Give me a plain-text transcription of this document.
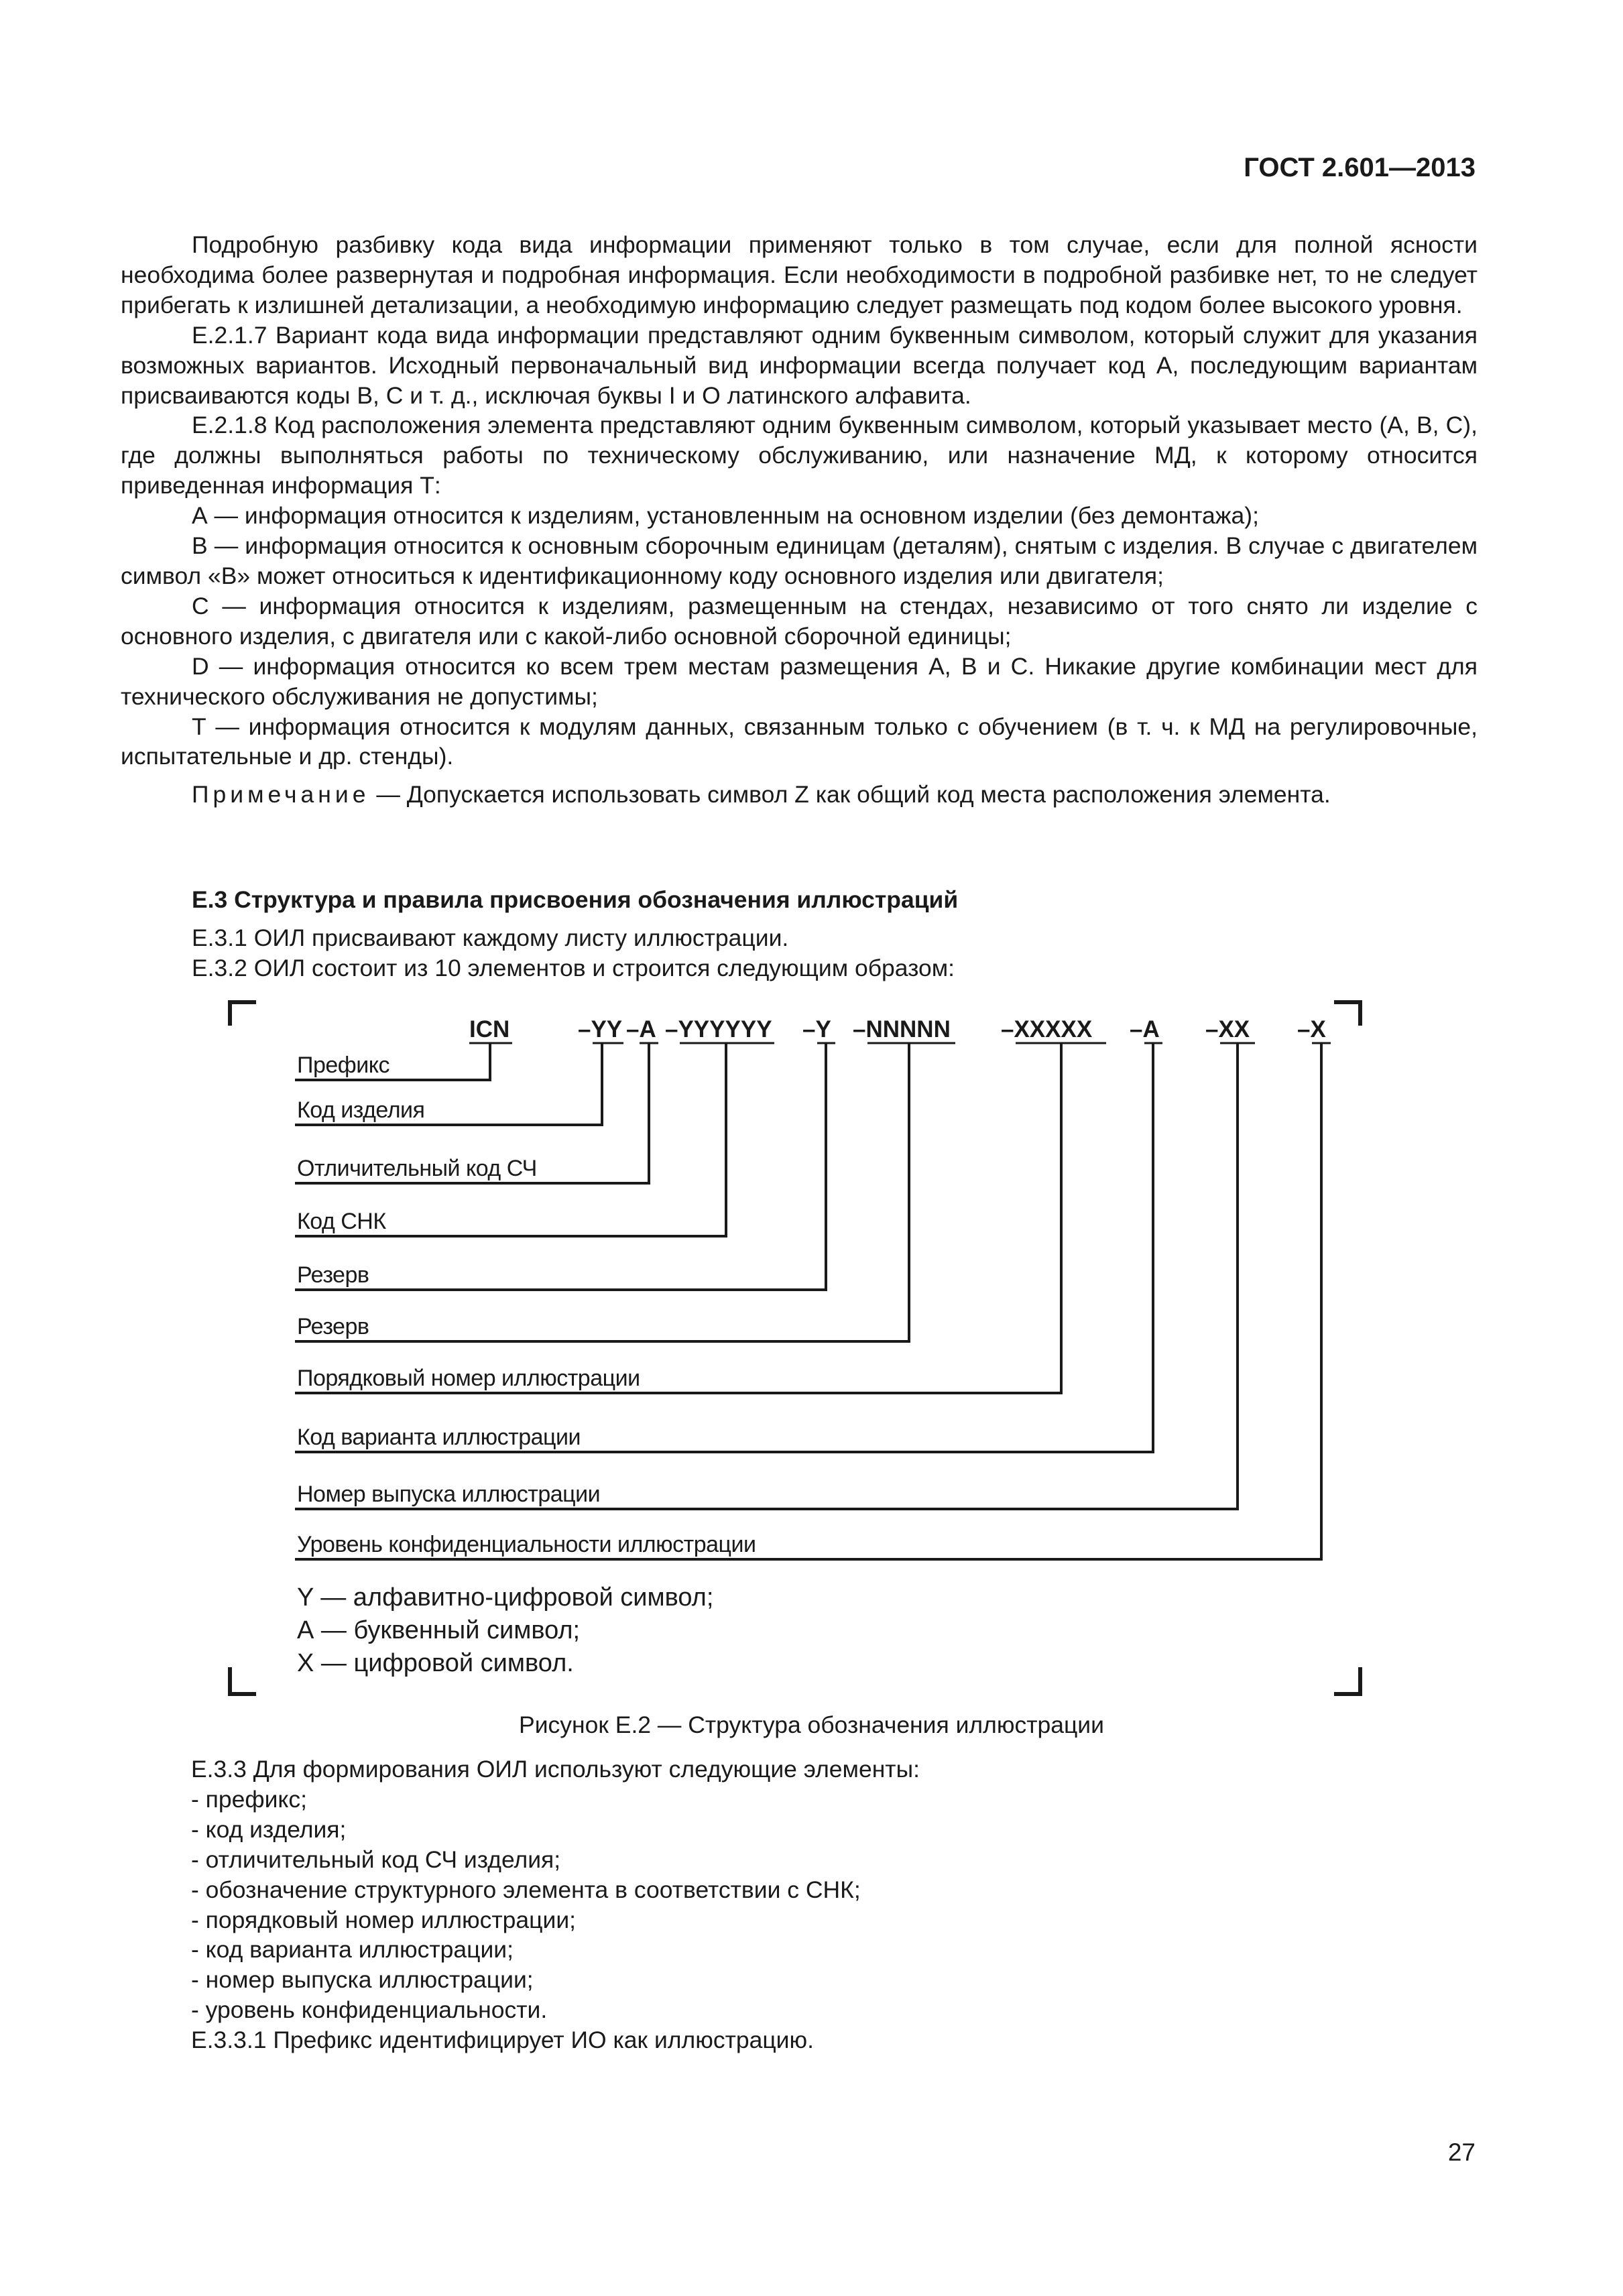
ГОСТ 2.601—2013

Подробную разбивку кода вида информации применяют только в том случае, если для полной ясности необходима более развернутая и подробная информация. Если необходимости в подробной разбивке нет, то не следует прибегать к излишней детализации, а необходимую информацию следует размещать под кодом более высокого уровня.

Е.2.1.7 Вариант кода вида информации представляют одним буквенным символом, который служит для указания возможных вариантов. Исходный первоначальный вид информации всегда получает код А, последующим вариантам присваиваются коды В, С и т. д., исключая буквы I и О латинского алфавита.

Е.2.1.8 Код расположения элемента представляют одним буквенным символом, который указывает место (А, В, С), где должны выполняться работы по техническому обслуживанию, или назначение МД, к которому относится приведенная информация Т:

А — информация относится к изделиям, установленным на основном изделии (без демонтажа);

В — информация относится к основным сборочным единицам (деталям), снятым с изделия. В случае с двигателем символ «В» может относиться к идентификационному коду основного изделия или двигателя;

С — информация относится к изделиям, размещенным на стендах, независимо от того снято ли изделие с основного изделия, с двигателя или с какой-либо основной сборочной единицы;

D — информация относится ко всем трем местам размещения А, В и С. Никакие другие комбинации мест для технического обслуживания не допустимы;

Т — информация относится к модулям данных, связанным только с обучением (в т. ч. к МД на регулировочные, испытательные и др. стенды).

Примечание — Допускается использовать символ Z как общий код места расположения элемента.

Е.3 Структура и правила присвоения обозначения иллюстраций

Е.3.1 ОИЛ присваивают каждому листу иллюстрации.

Е.3.2 ОИЛ состоит из 10 элементов и строится следующим образом:

ICN	–YY –A –YYYYYY –Y –NNNNN –XXXXX –A –XX –X
Префикс
Код изделия
Отличительный код СЧ
Код СНК
Резерв
Резерв
Порядковый номер иллюстрации
Код варианта иллюстрации
Номер выпуска иллюстрации
Уровень конфиденциальности иллюстрации
Y — алфавитно-цифровой символ;
А — буквенный символ;
Х — цифровой символ.
Рисунок Е.2 — Структура обозначения иллюстрации

Е.3.3 Для формирования ОИЛ используют следующие элементы:

- префикс;

- код изделия;

- отличительный код СЧ изделия;

- обозначение структурного элемента в соответствии с СНК;

- порядковый номер иллюстрации;

- код варианта иллюстрации;

- номер выпуска иллюстрации;

- уровень конфиденциальности.

Е.3.3.1 Префикс идентифицирует ИО как иллюстрацию.

27
